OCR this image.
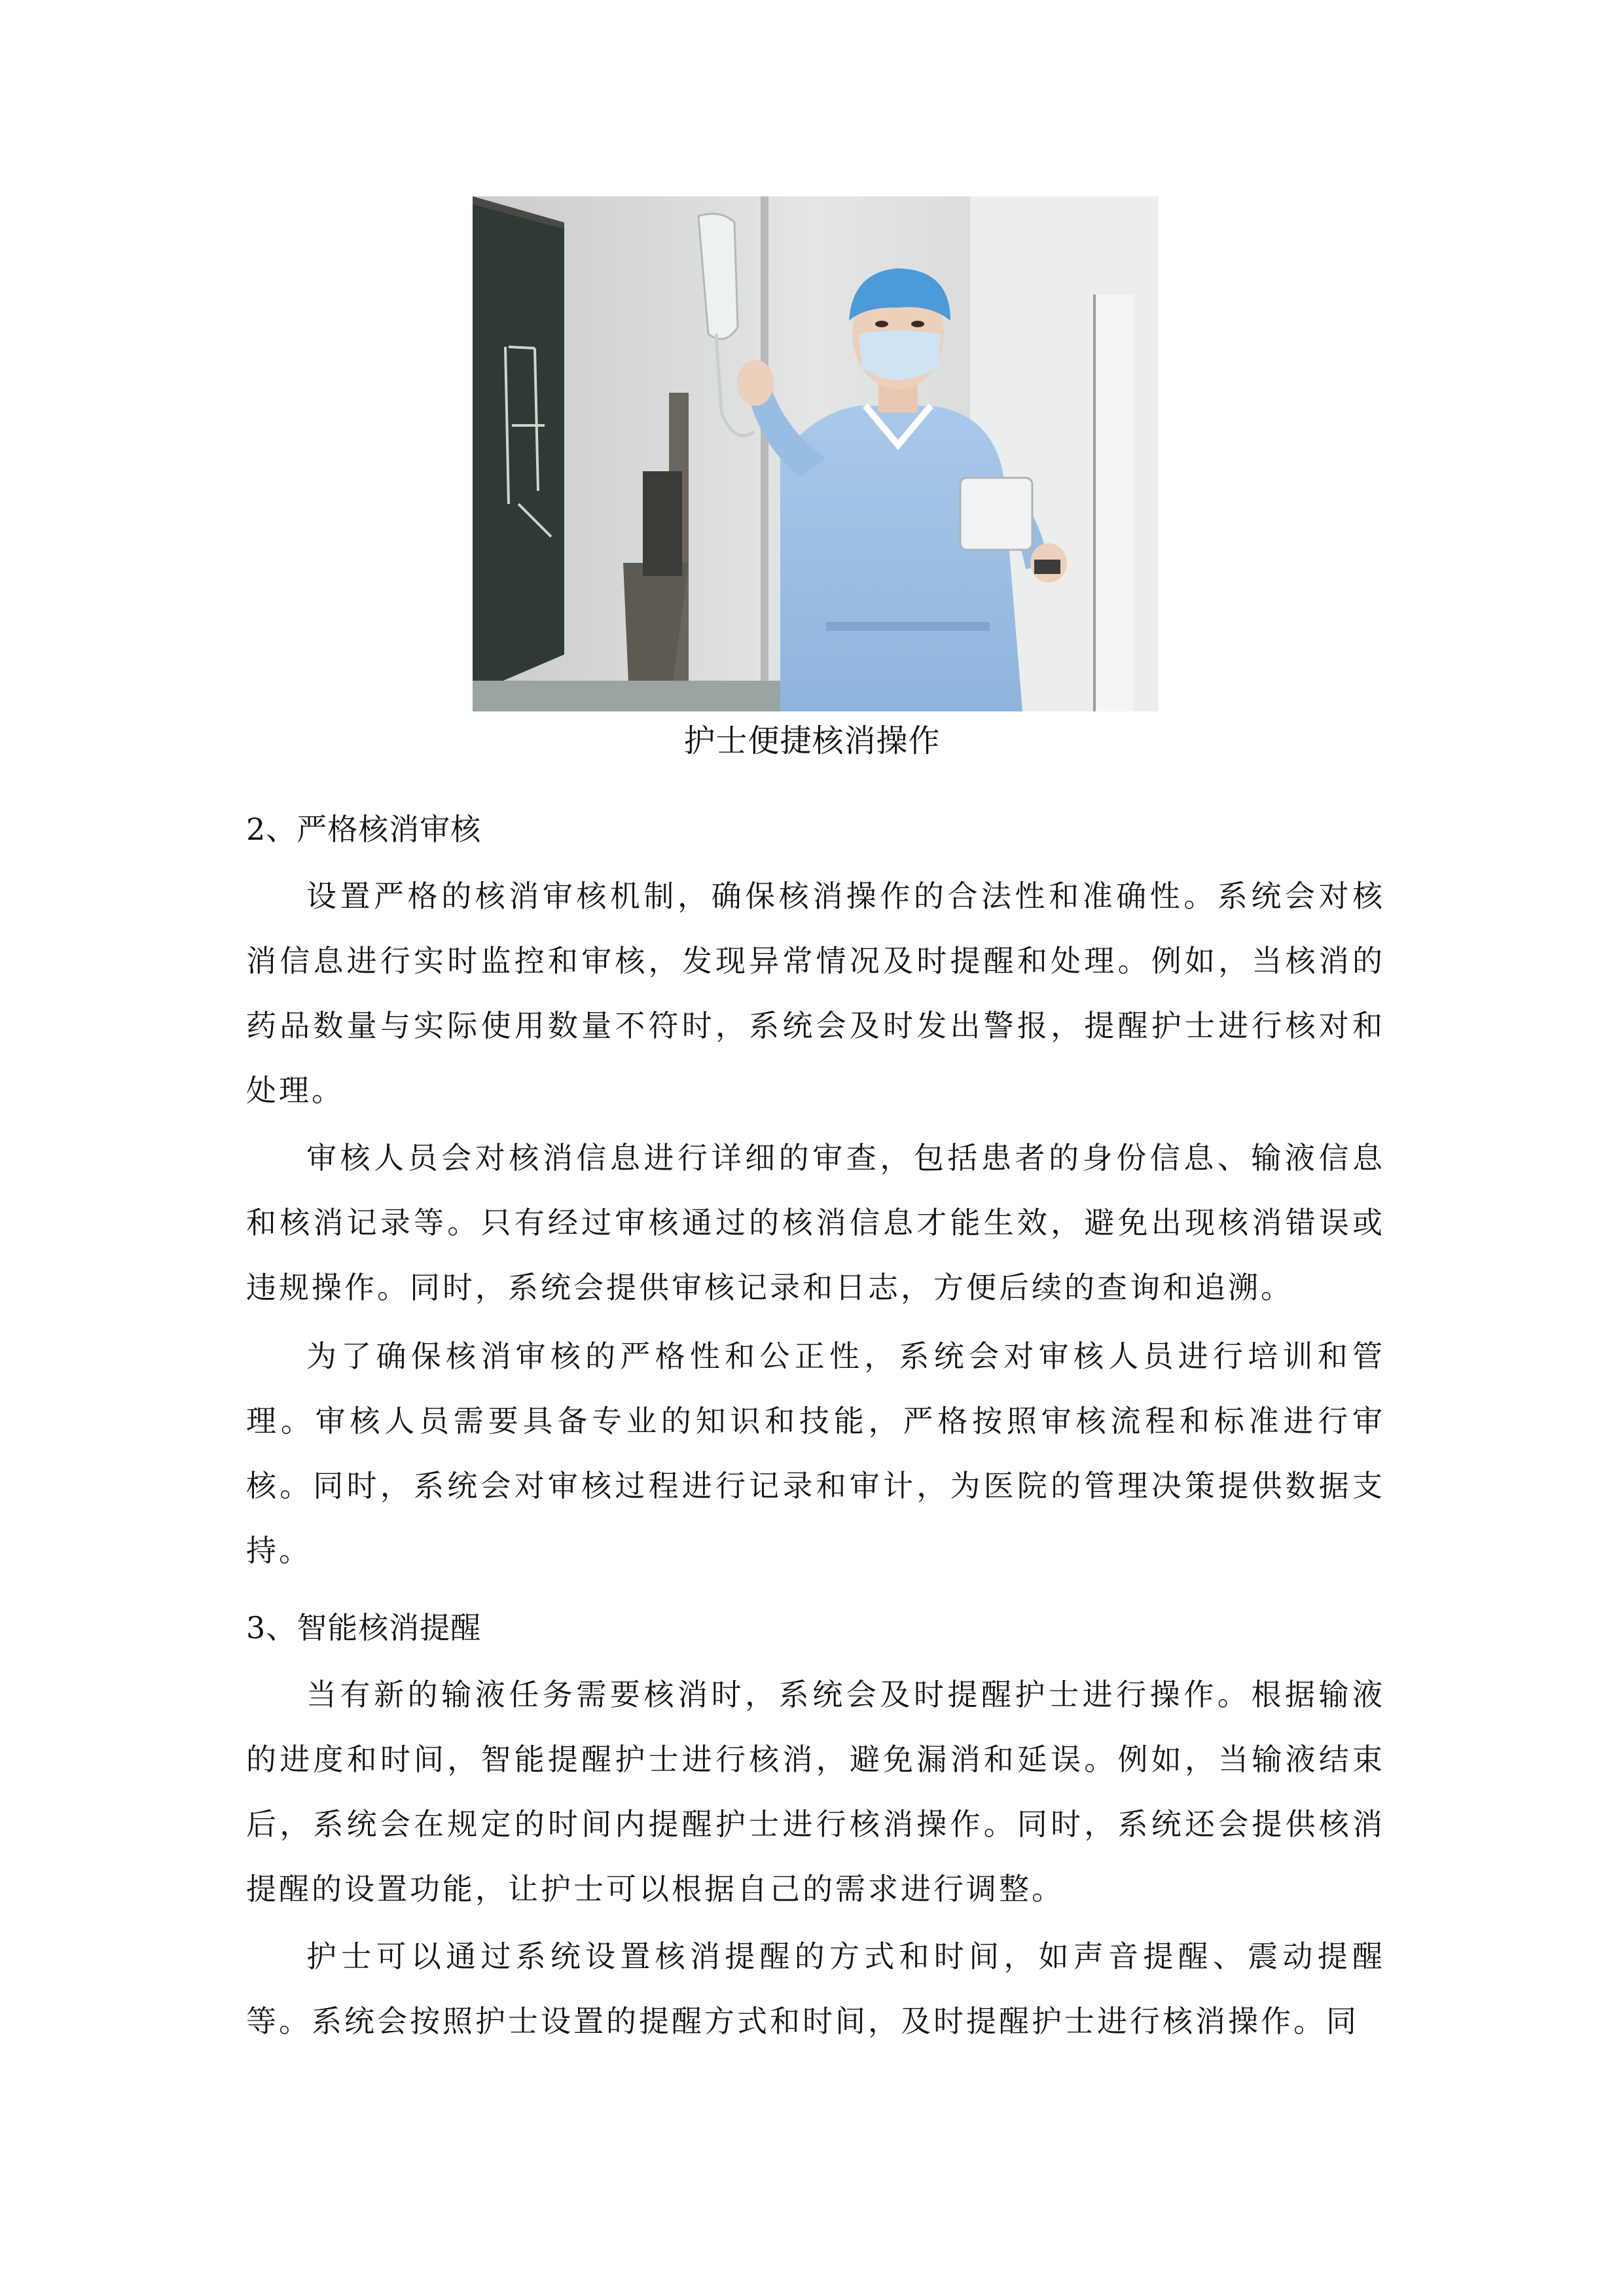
护士便捷核消操作
2、严格核消审核

设置严格的核消审核机制，确保核消操作的合法性和准确性。系统会对核消信息进行实时监控和审核，发现异常情况及时提醒和处理。例如，当核消的药品数量与实际使用数量不符时，系统会及时发出警报，提醒护士进行核对和处理。

审核人员会对核消信息进行详细的审查，包括患者的身份信息、输液信息和核消记录等。只有经过审核通过的核消信息才能生效，避免出现核消错误或违规操作。同时，系统会提供审核记录和日志，方便后续的查询和追溯。

为了确保核消审核的严格性和公正性，系统会对审核人员进行培训和管理。审核人员需要具备专业的知识和技能，严格按照审核流程和标准进行审核。同时，系统会对审核过程进行记录和审计，为医院的管理决策提供数据支持。

3、智能核消提醒

当有新的输液任务需要核消时，系统会及时提醒护士进行操作。根据输液的进度和时间，智能提醒护士进行核消，避免漏消和延误。例如，当输液结束后，系统会在规定的时间内提醒护士进行核消操作。同时，系统还会提供核消提醒的设置功能，让护士可以根据自己的需求进行调整。

护士可以通过系统设置核消提醒的方式和时间，如声音提醒、震动提醒等。系统会按照护士设置的提醒方式和时间，及时提醒护士进行核消操作。同
